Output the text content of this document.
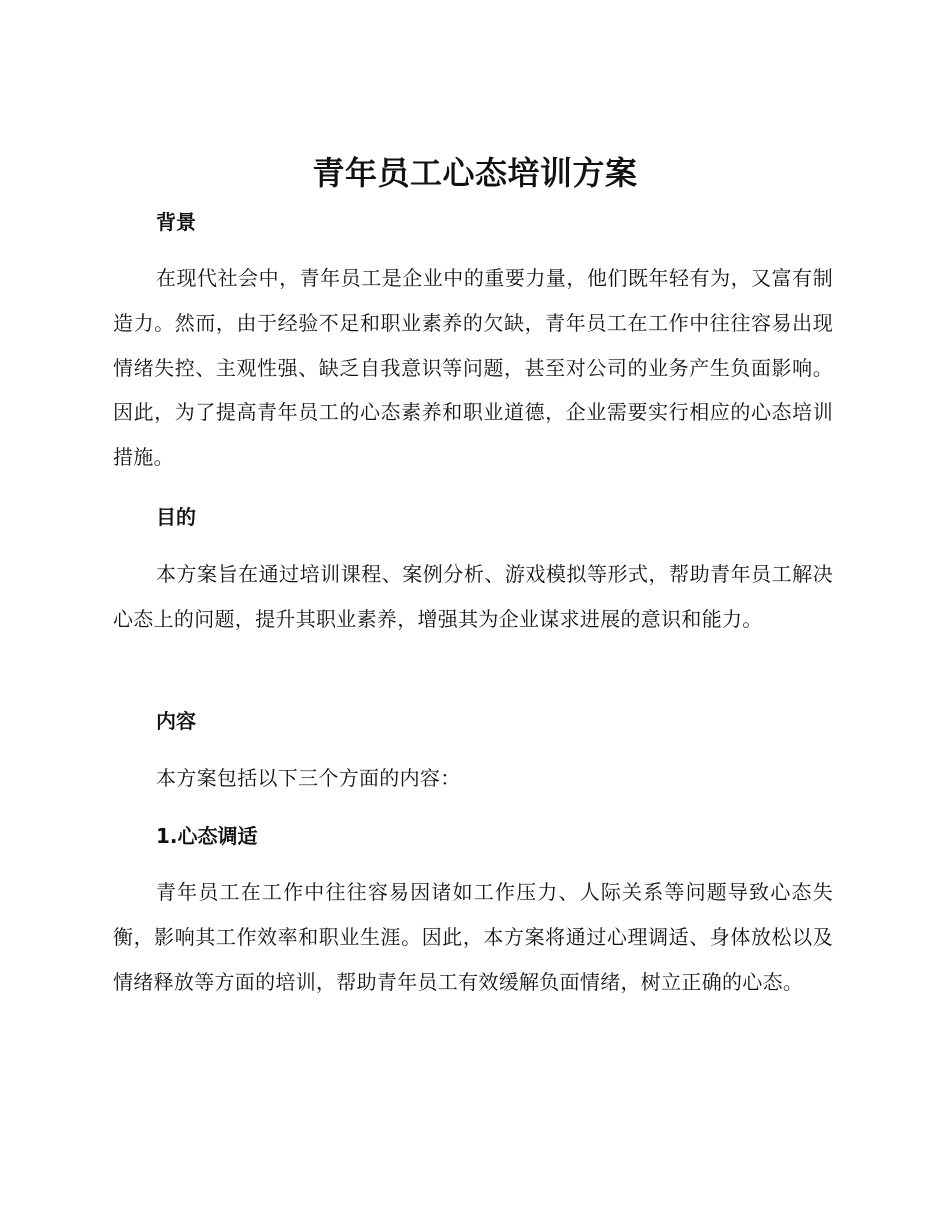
青年员工心态培训方案
背景

在现代社会中，青年员工是企业中的重要力量，他们既年轻有为，又富有制造力。然而，由于经验不足和职业素养的欠缺，青年员工在工作中往往容易出现情绪失控、主观性强、缺乏自我意识等问题，甚至对公司的业务产生负面影响。因此，为了提高青年员工的心态素养和职业道德，企业需要实行相应的心态培训措施。

目的

本方案旨在通过培训课程、案例分析、游戏模拟等形式，帮助青年员工解决心态上的问题，提升其职业素养，增强其为企业谋求进展的意识和能力。

内容

本方案包括以下三个方面的内容：

1.心态调适

青年员工在工作中往往容易因诸如工作压力、人际关系等问题导致心态失衡，影响其工作效率和职业生涯。因此，本方案将通过心理调适、身体放松以及情绪释放等方面的培训，帮助青年员工有效缓解负面情绪，树立正确的心态。
